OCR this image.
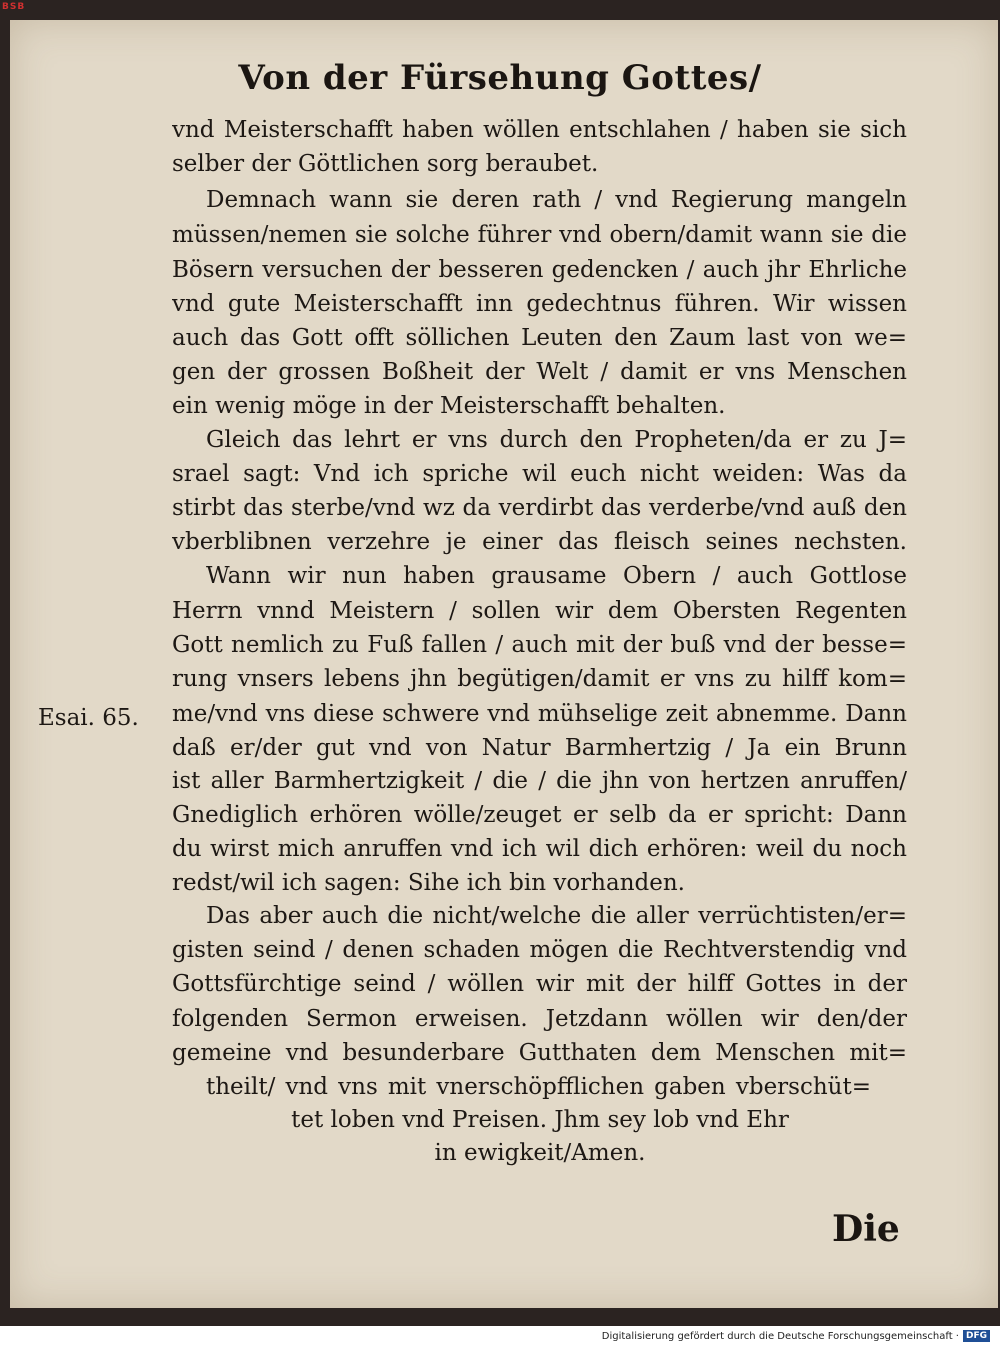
BSB
Von der Fürsehung Gottes/
vnd Meisterschafft haben wöllen entschlahen / haben sie sich
selber der Göttlichen sorg beraubet.
Demnach wann sie deren rath / vnd Regierung mangeln
müssen/nemen sie solche führer vnd obern/damit wann sie die
Bösern versuchen der besseren gedencken / auch jhr Ehrliche
vnd gute Meisterschafft inn gedechtnus führen. Wir wissen
auch das Gott offt söllichen Leuten den Zaum last von we=
gen der grossen Boßheit der Welt / damit er vns Menschen
ein wenig möge in der Meisterschafft behalten.
Gleich das lehrt er vns durch den Propheten/da er zu J=
srael sagt: Vnd ich spriche wil euch nicht weiden: Was da
stirbt das sterbe/vnd wz da verdirbt das verderbe/vnd auß den
vberblibnen verzehre je einer das fleisch seines nechsten.
Wann wir nun haben grausame Obern / auch Gottlose
Herrn vnnd Meistern / sollen wir dem Obersten Regenten
Gott nemlich zu Fuß fallen / auch mit der buß vnd der besse=
rung vnsers lebens jhn begütigen/damit er vns zu hilff kom=
me/vnd vns diese schwere vnd mühselige zeit abnemme. Dann
daß er/der gut vnd von Natur Barmhertzig / Ja ein Brunn
ist aller Barmhertzigkeit / die / die jhn von hertzen anruffen/
Gnediglich erhören wölle/zeuget er selb da er spricht: Dann
du wirst mich anruffen vnd ich wil dich erhören: weil du noch
redst/wil ich sagen: Sihe ich bin vorhanden.
Das aber auch die nicht/welche die aller verrüchtisten/er=
gisten seind / denen schaden mögen die Rechtverstendig vnd
Gottsfürchtige seind / wöllen wir mit der hilff Gottes in der
folgenden Sermon erweisen. Jetzdann wöllen wir den/der
gemeine vnd besunderbare Gutthaten dem Menschen mit=
theilt/ vnd vns mit vnerschöpfflichen gaben vberschüt=
tet loben vnd Preisen. Jhm sey lob vnd Ehr
in ewigkeit/Amen.
Esai. 65.
Die
Digitalisierung gefördert durch die Deutsche Forschungsgemeinschaft · DFG
